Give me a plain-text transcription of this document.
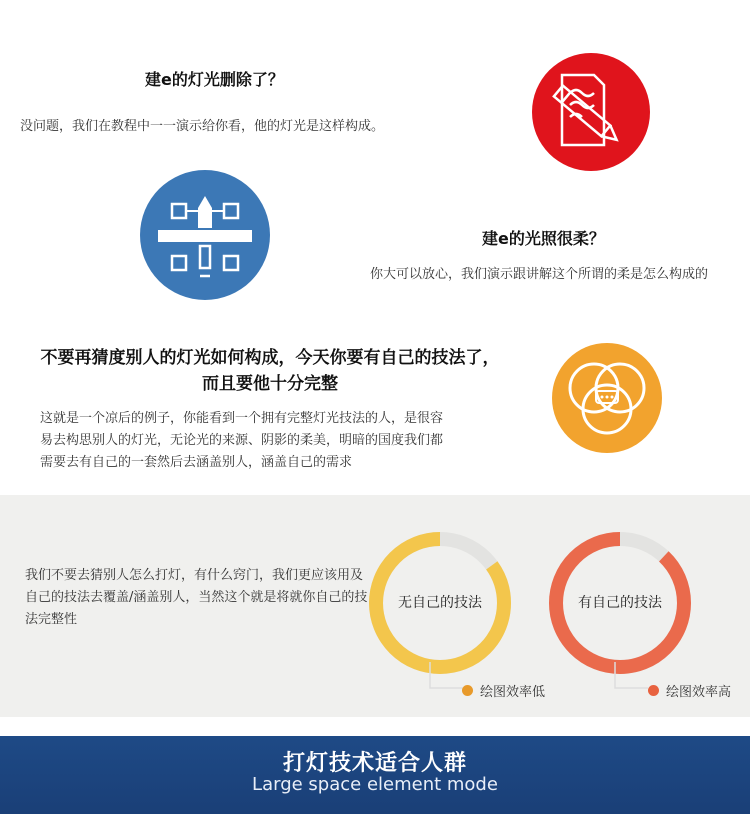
建e的灯光删除了？
没问题，我们在教程中一一演示给你看，他的灯光是这样构成。
建e的光照很柔？
你大可以放心，我们演示跟讲解这个所谓的柔是怎么构成的
不要再猜度别人的灯光如何构成，今天你要有自己的技法了，
而且要他十分完整
这就是一个凉后的例子，你能看到一个拥有完整灯光技法的人，是很容易去构思别人的灯光，无论光的来源、阴影的柔美，明暗的国度我们都需要去有自己的一套然后去涵盖别人，涵盖自己的需求
我们不要去猜别人怎么打灯，有什么窍门，我们更应该用及自己的技法去覆盖/涵盖别人，当然这个就是将就你自己的技法完整性
无自己的技法
绘图效率低
有自己的技法
绘图效率高
打灯技术适合人群
Large space element mode
